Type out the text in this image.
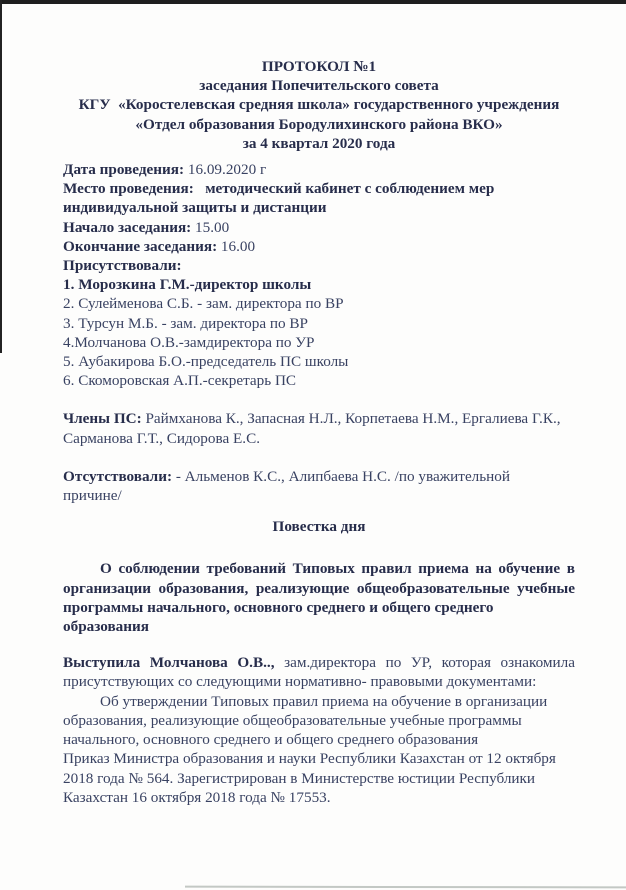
ПРОТОКОЛ №1
заседания Попечительского совета
КГУ  «Коростелевская средняя школа» государственного учреждения
«Отдел образования Бородулихинского района ВКО»
за 4 квартал 2020 года
Дата проведения: 16.09.2020 г
Место проведения:   методический кабинет с соблюдением мер
индивидуальной защиты и дистанции
Начало заседания: 15.00
Окончание заседания: 16.00
Присутствовали:
1. Морозкина Г.М.-директор школы
2. Сулейменова С.Б. - зам. директора по ВР
3. Турсун М.Б. - зам. директора по ВР
4.Молчанова О.В.-замдиректора по УР
5. Аубакирова Б.О.-председатель ПС школы
6. Скоморовская А.П.-секретарь ПС
Члены ПС: Раймханова К., Запасная Н.Л., Корпетаева Н.М., Ергалиева Г.К.,
Сарманова Г.Т., Сидорова Е.С.
Отсутствовали: - Альменов К.С., Алипбаева Н.С. /по уважительной
причине/
Повестка дня
О соблюдении требований Типовых правил приема на обучение в
организации образования, реализующие общеобразовательные учебные
программы начального, основного среднего и общего среднего
образования
Выступила Молчанова О.В.., зам.директора по УР, которая ознакомила
присутствующих со следующими нормативно- правовыми документами:
Об утверждении Типовых правил приема на обучение в организации
образования, реализующие общеобразовательные учебные программы
начального, основного среднего и общего среднего образования
Приказ Министра образования и науки Республики Казахстан от 12 октября
2018 года № 564. Зарегистрирован в Министерстве юстиции Республики
Казахстан 16 октября 2018 года № 17553.
